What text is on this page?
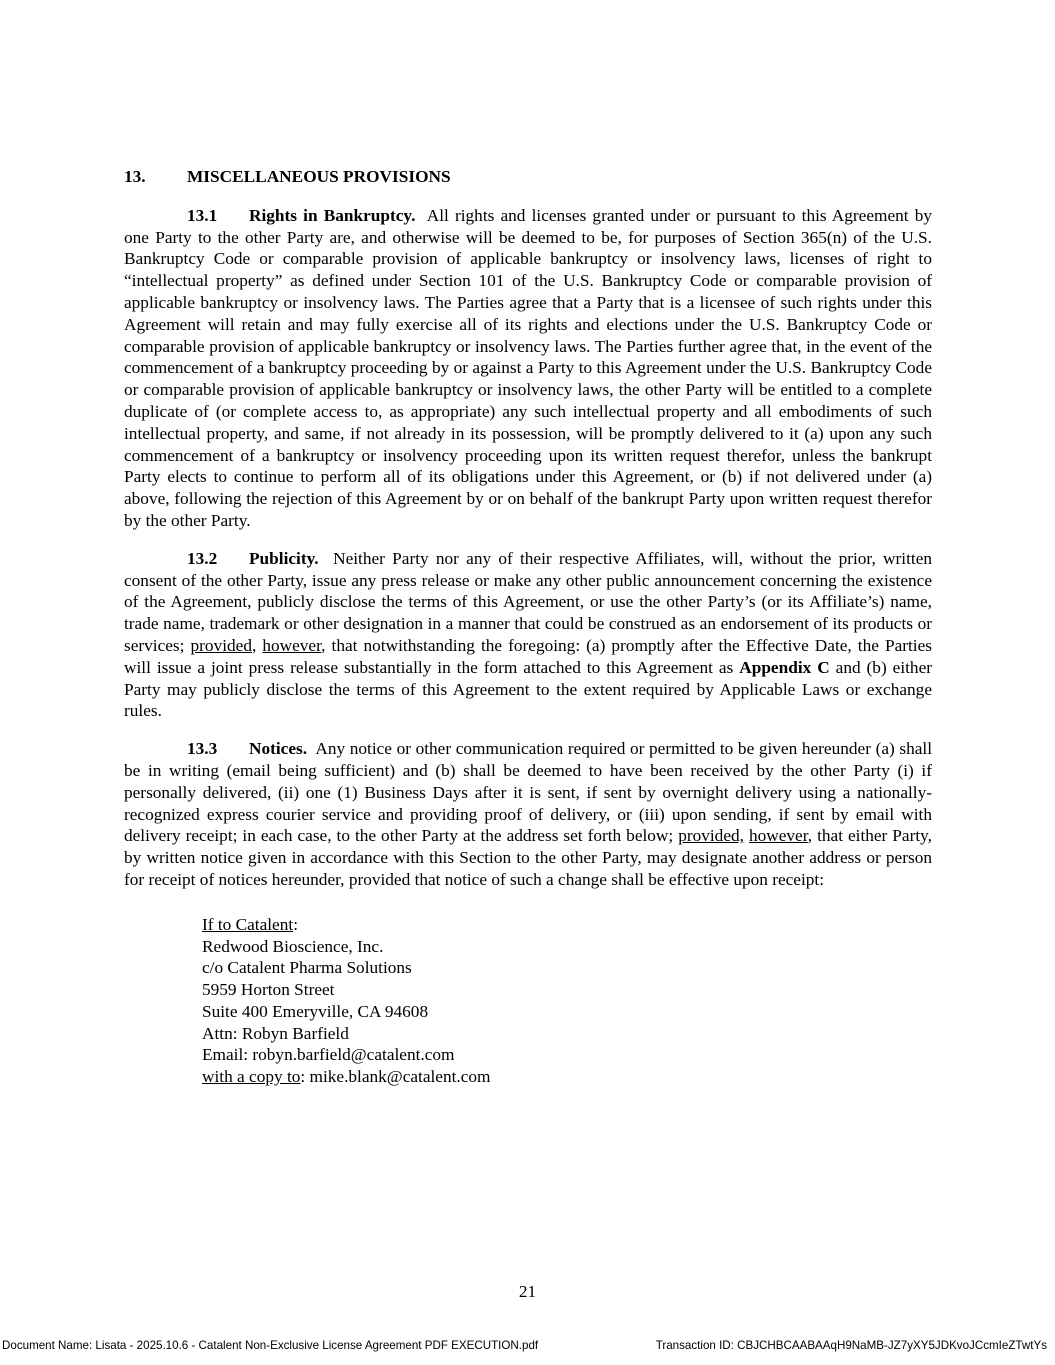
13. MISCELLANEOUS PROVISIONS

13.1 Rights in Bankruptcy. All rights and licenses granted under or pursuant to this Agreement by one Party to the other Party are, and otherwise will be deemed to be, for purposes of Section 365(n) of the U.S. Bankruptcy Code or comparable provision of applicable bankruptcy or insolvency laws, licenses of right to “intellectual property” as defined under Section 101 of the U.S. Bankruptcy Code or comparable provision of applicable bankruptcy or insolvency laws. The Parties agree that a Party that is a licensee of such rights under this Agreement will retain and may fully exercise all of its rights and elections under the U.S. Bankruptcy Code or comparable provision of applicable bankruptcy or insolvency laws. The Parties further agree that, in the event of the commencement of a bankruptcy proceeding by or against a Party to this Agreement under the U.S. Bankruptcy Code or comparable provision of applicable bankruptcy or insolvency laws, the other Party will be entitled to a complete duplicate of (or complete access to, as appropriate) any such intellectual property and all embodiments of such intellectual property, and same, if not already in its possession, will be promptly delivered to it (a) upon any such commencement of a bankruptcy or insolvency proceeding upon its written request therefor, unless the bankrupt Party elects to continue to perform all of its obligations under this Agreement, or (b) if not delivered under (a) above, following the rejection of this Agreement by or on behalf of the bankrupt Party upon written request therefor by the other Party.

13.2 Publicity. Neither Party nor any of their respective Affiliates, will, without the prior, written consent of the other Party, issue any press release or make any other public announcement concerning the existence of the Agreement, publicly disclose the terms of this Agreement, or use the other Party’s (or its Affiliate’s) name, trade name, trademark or other designation in a manner that could be construed as an endorsement of its products or services; provided, however, that notwithstanding the foregoing: (a) promptly after the Effective Date, the Parties will issue a joint press release substantially in the form attached to this Agreement as Appendix C and (b) either Party may publicly disclose the terms of this Agreement to the extent required by Applicable Laws or exchange rules.

13.3 Notices. Any notice or other communication required or permitted to be given hereunder (a) shall be in writing (email being sufficient) and (b) shall be deemed to have been received by the other Party (i) if personally delivered, (ii) one (1) Business Days after it is sent, if sent by overnight delivery using a nationally-recognized express courier service and providing proof of delivery, or (iii) upon sending, if sent by email with delivery receipt; in each case, to the other Party at the address set forth below; provided, however, that either Party, by written notice given in accordance with this Section to the other Party, may designate another address or person for receipt of notices hereunder, provided that notice of such a change shall be effective upon receipt:

If to Catalent:
Redwood Bioscience, Inc.
c/o Catalent Pharma Solutions
5959 Horton Street
Suite 400 Emeryville, CA 94608
Attn: Robyn Barfield
Email: robyn.barfield@catalent.com
with a copy to: mike.blank@catalent.com
21
Document Name: Lisata - 2025.10.6 - Catalent Non-Exclusive License Agreement PDF EXECUTION.pdf	Transaction ID: CBJCHBCAABAAqH9NaMB-JZ7yXY5JDKvoJCcmIeZTwtYs
